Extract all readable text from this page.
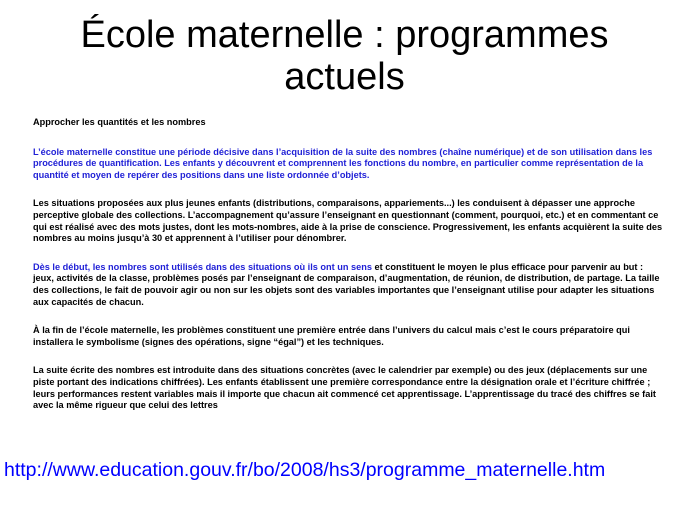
École maternelle : programmes
actuels

Approcher les quantités et les nombres

L’école maternelle constitue une période décisive dans l’acquisition de la suite des nombres (chaîne numérique) et de son utilisation dans les procédures de quantification. Les enfants y découvrent et comprennent les fonctions du nombre, en particulier comme représentation de la quantité et moyen de repérer des positions dans une liste ordonnée d’objets.

Les situations proposées aux plus jeunes enfants (distributions, comparaisons, appariements...) les conduisent à dépasser une approche perceptive globale des collections. L’accompagnement qu’assure l’enseignant en questionnant (comment, pourquoi, etc.) et en commentant ce qui est réalisé avec des mots justes, dont les mots-nombres, aide à la prise de conscience. Progressivement, les enfants acquièrent la suite des nombres au moins jusqu’à 30 et apprennent à l’utiliser pour dénombrer.

Dès le début, les nombres sont utilisés dans des situations où ils ont un sens et constituent le moyen le plus efficace pour parvenir au but : jeux, activités de la classe, problèmes posés par l’enseignant de comparaison, d’augmentation, de réunion, de distribution, de partage. La taille des collections, le fait de pouvoir agir ou non sur les objets sont des variables importantes que l’enseignant utilise pour adapter les situations aux capacités de chacun.

À la fin de l’école maternelle, les problèmes constituent une première entrée dans l’univers du calcul mais c’est le cours préparatoire qui installera le symbolisme (signes des opérations, signe “égal”) et les techniques.

La suite écrite des nombres est introduite dans des situations concrètes (avec le calendrier par exemple) ou des jeux (déplacements sur une piste portant des indications chiffrées). Les enfants établissent une première correspondance entre la désignation orale et l’écriture chiffrée ; leurs performances restent variables mais il importe que chacun ait commencé cet apprentissage. L’apprentissage du tracé des chiffres se fait avec la même rigueur que celui des lettres

http://www.education.gouv.fr/bo/2008/hs3/programme_maternelle.htm
